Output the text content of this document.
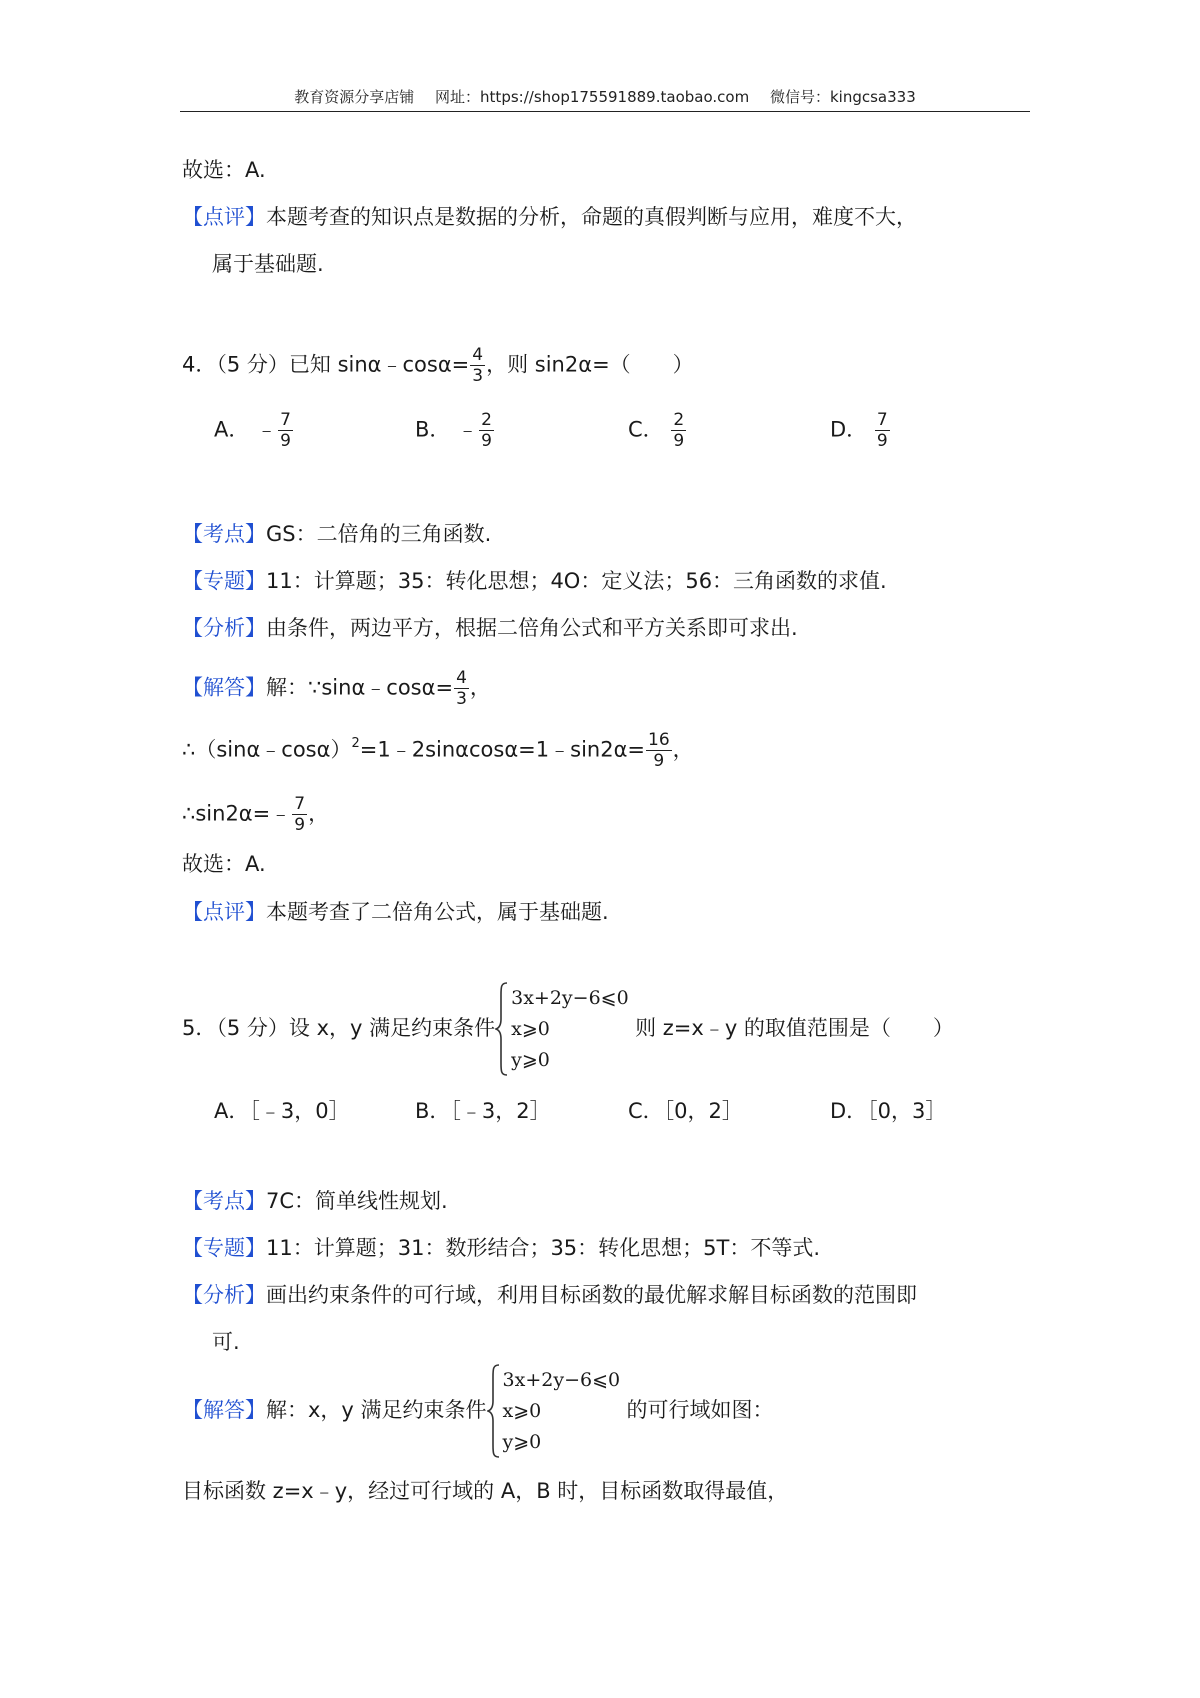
教育资源分享店铺 网址：https://shop175591889.taobao.com 微信号：kingcsa333
故选：A.
【点评】本题考查的知识点是数据的分析，命题的真假判断与应用，难度不大，
属于基础题.
4．（5 分）已知 sinα﹣cosα= $\frac{4}{3}$ ，则 sin2α=（　　）
A． ﹣ $\frac{7}{9}$	B． ﹣ $\frac{2}{9}$	C． $\frac{2}{9}$	D． $\frac{7}{9}$
【考点】GS：二倍角的三角函数.
【专题】11：计算题；35：转化思想；4O：定义法；56：三角函数的求值.
【分析】由条件，两边平方，根据二倍角公式和平方关系即可求出.
【解答】解：∵sinα﹣cosα= $\frac{4}{3}$ ，
∴（sinα﹣cosα）$^2$=1﹣2sinαcosα=1﹣sin2α= $\frac{16}{9}$ ，
∴sin2α=﹣ $\frac{7}{9}$ ，
故选：A.
【点评】本题考查了二倍角公式，属于基础题.
5．（5 分）设 x，y 满足约束条件
3x+2y−6⩽0
x⩾0
y⩾0
则 z=x﹣y 的取值范围是（　　）
A．［﹣3，0］	B．［﹣3，2］	C．［0，2］	D．［0，3］
【考点】7C：简单线性规划.
【专题】11：计算题；31：数形结合；35：转化思想；5T：不等式.
【分析】画出约束条件的可行域，利用目标函数的最优解求解目标函数的范围即
可.
【解答】解：x，y 满足约束条件
3x+2y−6⩽0
x⩾0
y⩾0
的可行域如图：
目标函数 z=x﹣y，经过可行域的 A，B 时，目标函数取得最值，
